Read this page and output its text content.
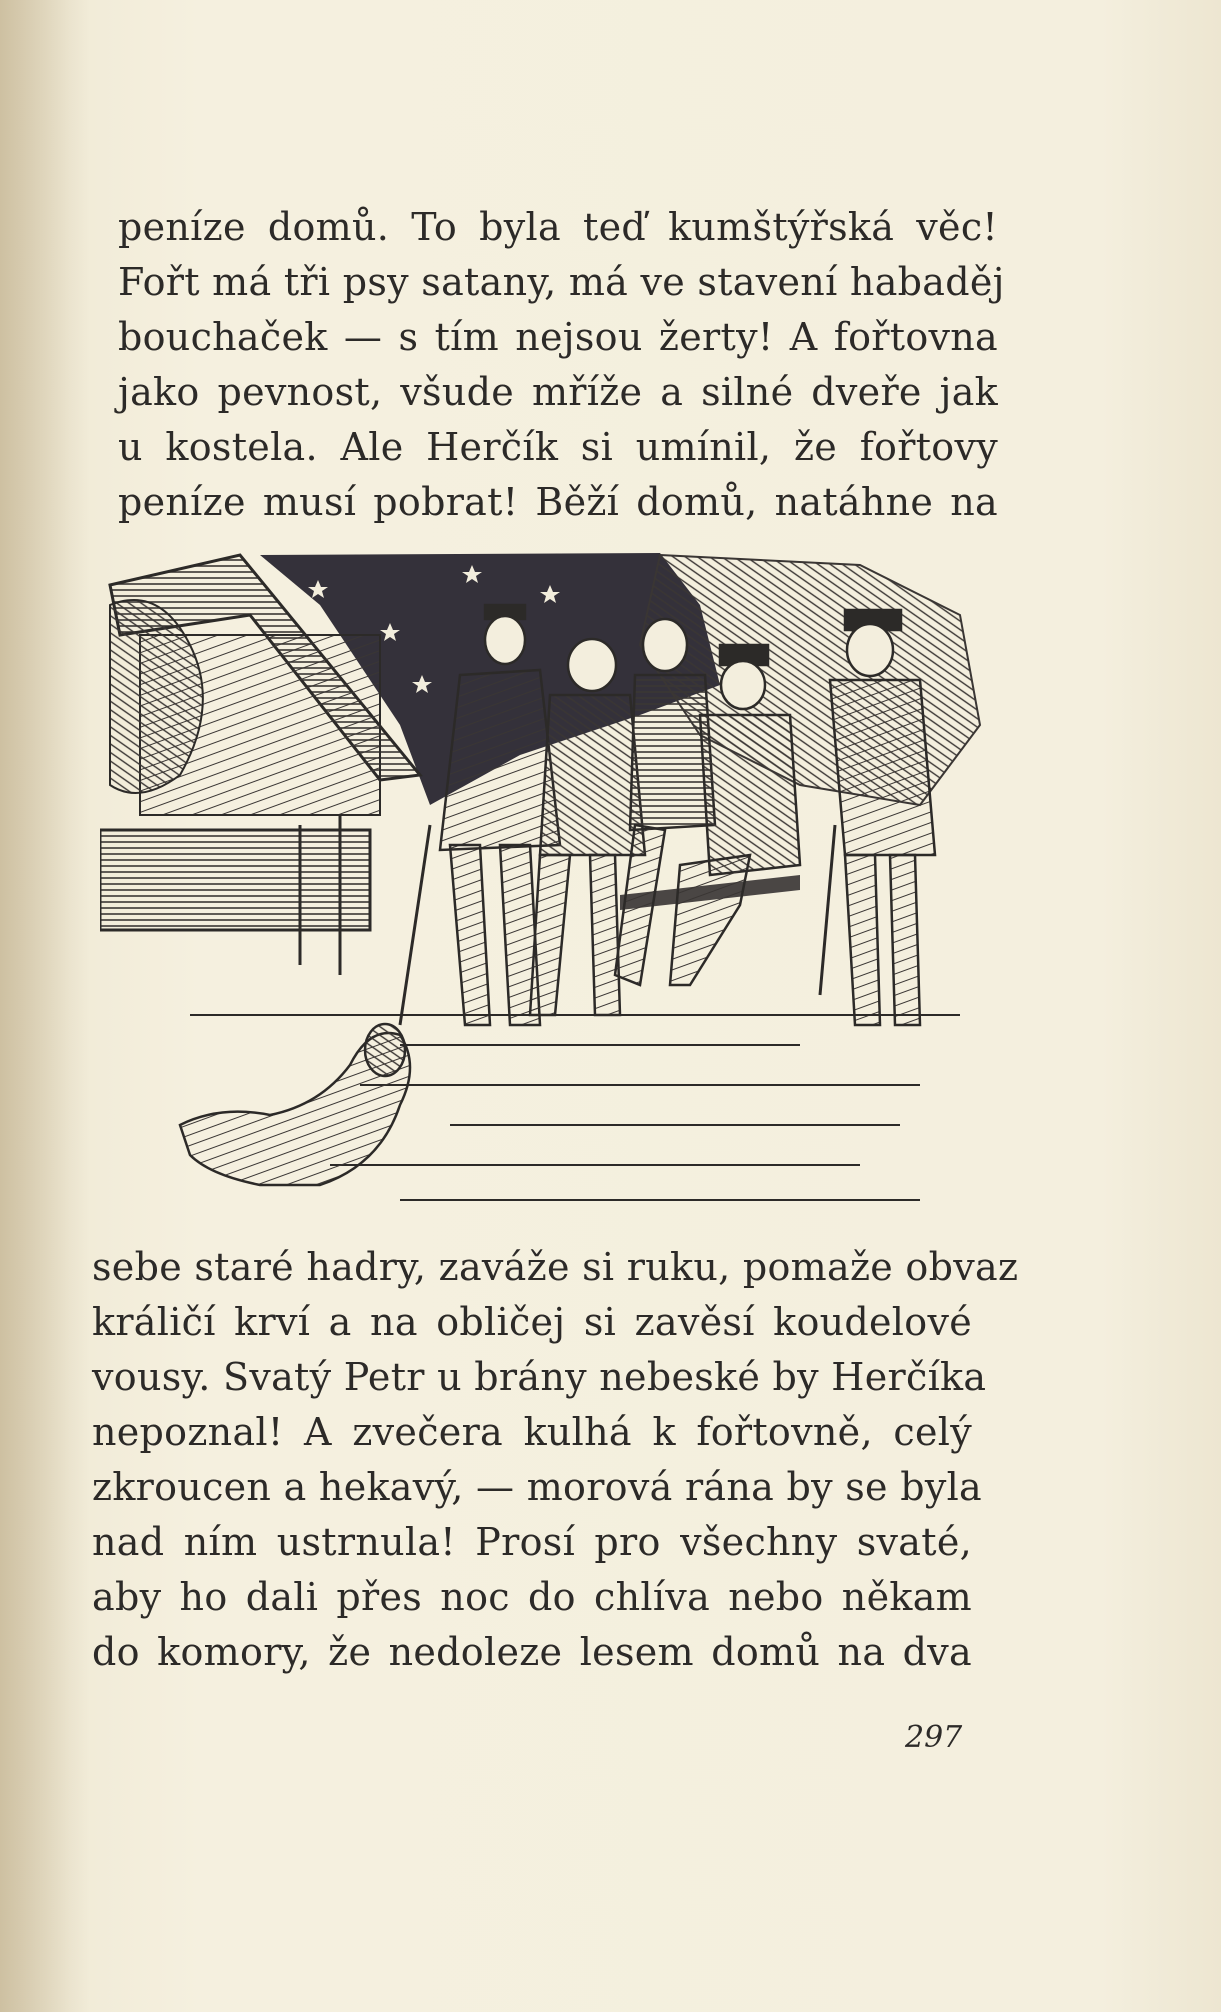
peníze domů. To byla teď kumštýřská věc!
Fořt má tři psy satany, má ve stavení habaděj
bouchaček — s tím nejsou žerty! A fořtovna
jako pevnost, všude mříže a silné dveře jak
u kostela. Ale Herčík si umínil, že fořtovy
peníze musí pobrat! Běží domů, natáhne na
sebe staré hadry, zaváže si ruku, pomaže obvaz
králičí krví a na obličej si zavěsí koudelové
vousy. Svatý Petr u brány nebeské by Herčíka
nepoznal! A zvečera kulhá k fořtovně, celý
zkroucen a hekavý, — morová rána by se byla
nad ním ustrnula! Prosí pro všechny svaté,
aby ho dali přes noc do chlíva nebo někam
do komory, že nedoleze lesem domů na dva
297
